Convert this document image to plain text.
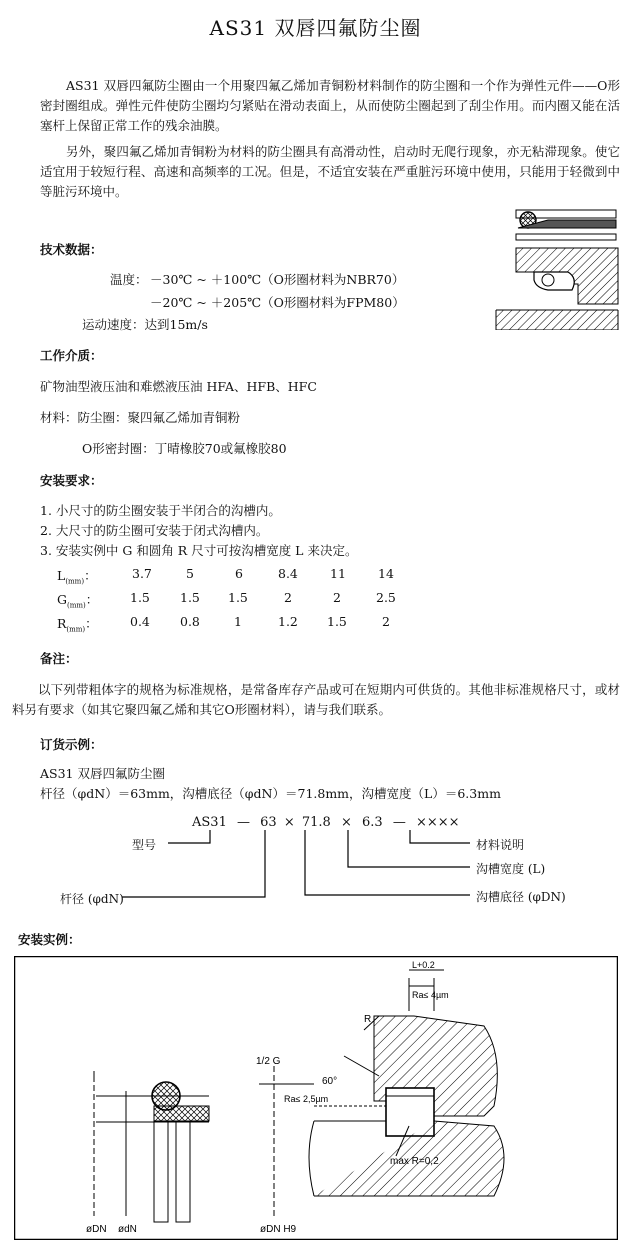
AS31 双唇四氟防尘圈
AS31 双唇四氟防尘圈由一个用聚四氟乙烯加青铜粉材料制作的防尘圈和一个作为弹性元件——O形密封圈组成。弹性元件使防尘圈均匀紧贴在滑动表面上，从而使防尘圈起到了刮尘作用。而内圈又能在活塞杆上保留正常工作的残余油膜。
另外，聚四氟乙烯加青铜粉为材料的防尘圈具有高滑动性，启动时无爬行现象，亦无粘滞现象。使它适宜用于较短行程、高速和高频率的工况。但是，不适宜安装在严重脏污环境中使用，只能用于轻微到中等脏污环境中。
技术数据：
温度： －30℃ ~ ＋100℃（O形圈材料为NBR70）
－20℃ ~ ＋205℃（O形圈材料为FPM80）
运动速度：达到15m/s
工作介质：
矿物油型液压油和难燃液压油 HFA、HFB、HFC
材料：防尘圈：聚四氟乙烯加青铜粉
O形密封圈：丁晴橡胶70或氟橡胶80
安装要求：
1. 小尺寸的防尘圈安装于半闭合的沟槽内。
2. 大尺寸的防尘圈可安装于闭式沟槽内。
3. 安装实例中 G 和圆角 R 尺寸可按沟槽宽度 L 来决定。
$L_{(mm)}$：	3.7	5	6	8.4	11	14
$G_{(mm)}$：	1.5 1.5 1.5	2	2	2.5
$R_{(mm)}$：	0.4 0.8	1	1.2 1.5	2
备注：
以下列带粗体字的规格为标准规格，是常备库存产品或可在短期内可供货的。其他非标准规格尺寸，或材料另有要求（如其它聚四氟乙烯和其它O形圈材料），请与我们联系。
订货示例：
AS31 双唇四氟防尘圈
杆径（φdN）＝63mm，沟槽底径（φdN）＝71.8mm，沟槽宽度（L）＝6.3mm
AS31 — 63 × 71.8 × 6.3 — ××××
型号	材料说明
沟槽宽度 (L)
杆径 (φdN)	沟槽底径 (φDN)
安装实例：
L+0.2
Ra≤ 4µm
R
1/2 G
60°
Ra≤ 2,5µm
max R=0,2
øDN ødN	øDN H9
